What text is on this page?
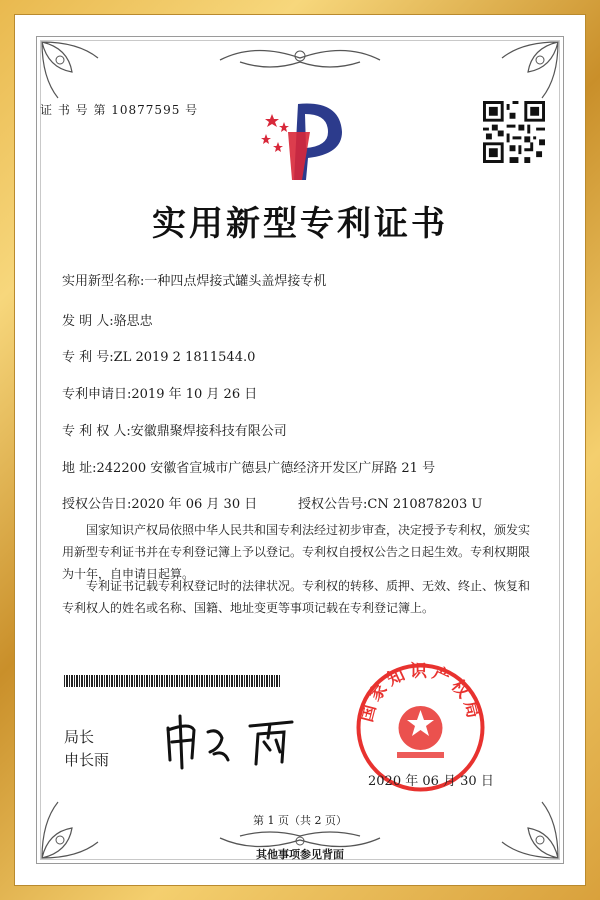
证 书 号 第 10877595 号
实用新型专利证书
实用新型名称:一种四点焊接式罐头盖焊接专机
发 明 人:骆思忠
专 利 号:ZL 2019 2 1811544.0
专利申请日:2019 年 10 月 26 日
专 利 权 人:安徽鼎聚焊接科技有限公司
地 址:242200 安徽省宣城市广德县广德经济开发区广屏路 21 号
授权公告日:2020 年 06 月 30 日	授权公告号:CN 210878203 U
国家知识产权局依照中华人民共和国专利法经过初步审查，决定授予专利权，颁发实用新型专利证书并在专利登记簿上予以登记。专利权自授权公告之日起生效。专利权期限为十年，自申请日起算。
专利证书记载专利权登记时的法律状况。专利权的转移、质押、无效、终止、恢复和专利权人的姓名或名称、国籍、地址变更等事项记载在专利登记簿上。
局长
申长雨
国家知识产权局
2020 年 06 月 30 日
第 1 页（共 2 页）
其他事项参见背面
